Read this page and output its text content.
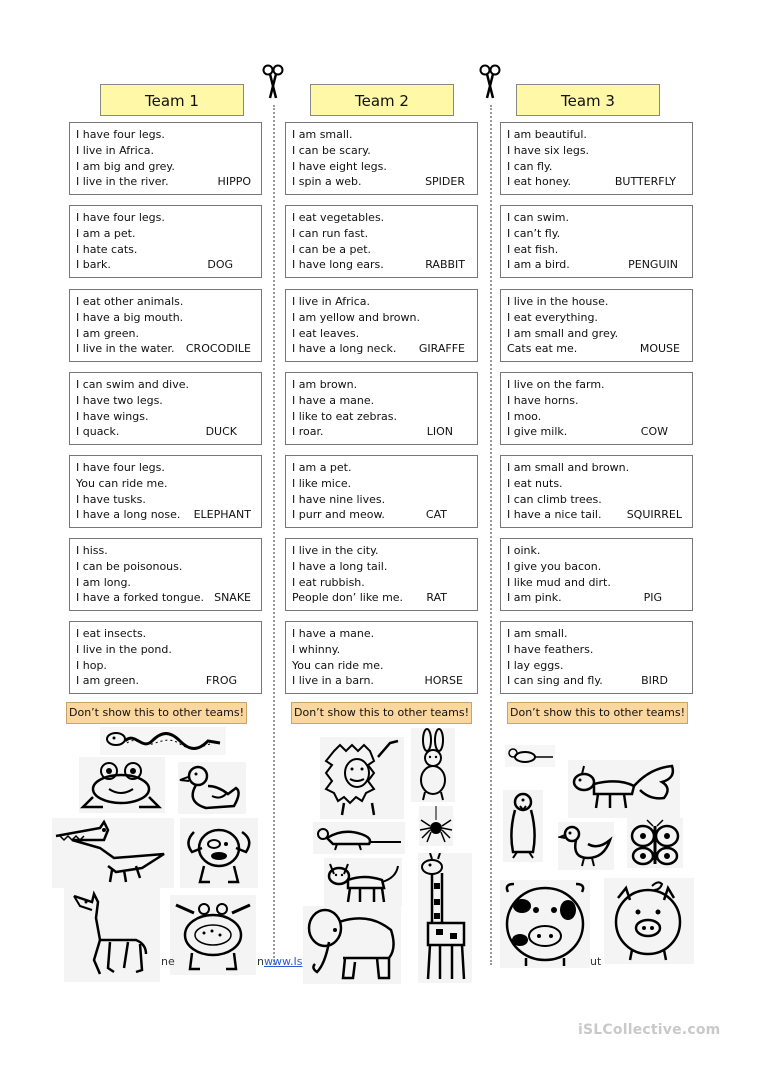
Team 1	Team 2	Team 3
I have four legs.
I live in Africa.
I am big and grey.
I live in the river.	HIPPO
I have four legs.
I am a pet.
I hate cats.
I bark.	DOG
I eat other animals.
I have a big mouth.
I am green.
I live in the water.	CROCODILE
I can swim and dive.
I have two legs.
I have wings.
I quack.	DUCK
I have four legs.
You can ride me.
I have tusks.
I have a long nose.	ELEPHANT
I hiss.
I can be poisonous.
I am long.
I have a forked tongue. SNAKE
I eat insects.
I live in the pond.
I hop.
I am green.	FROG
I am small.
I can be scary.
I have eight legs.
I spin a web.	SPIDER
I eat vegetables.
I can run fast.
I can be a pet.
I have long ears.	RABBIT
I live in Africa.
I am yellow and brown.
I eat leaves.
I have a long neck.	GIRAFFE
I am brown.
I have a mane.
I like to eat zebras.
I roar.	LION
I am a pet.
I like mice.
I have nine lives.
I purr and meow.	CAT
I live in the city.
I have a long tail.
I eat rubbish.
People don’ like me.	RAT
I have a mane.
I whinny.
You can ride me.
I live in a barn.	HORSE
I am beautiful.
I have six legs.
I can fly.
I eat honey.	BUTTERFLY
I can swim.
I can’t fly.
I eat fish.
I am a bird.	PENGUIN
I live in the house.
I eat everything.
I am small and grey.
Cats eat me.	MOUSE
I live on the farm.
I have horns.
I moo.
I give milk.	COW
I am small and brown.
I eat nuts.
I can climb trees.
I have a nice tail.	SQUIRREL
I oink.
I give you bacon.
I like mud and dirt.
I am pink.	PIG
I am small.
I have feathers.
I lay eggs.
I can sing and fly.	BIRD
Don’t show this to other teams!	Don’t show this to other teams!	Don’t show this to other teams!
ne	n www.Is	ut
iSLCollective.com
